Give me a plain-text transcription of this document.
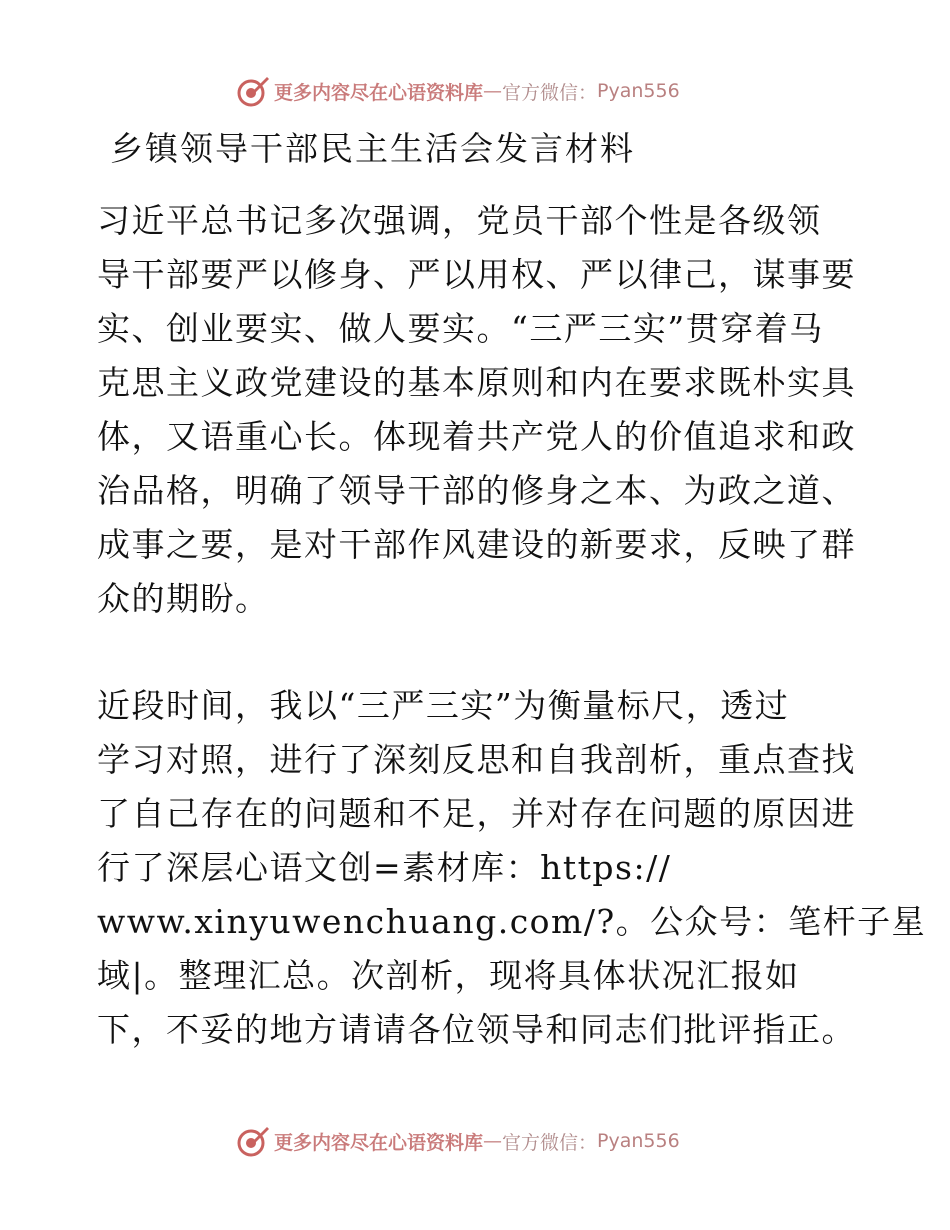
更多内容尽在心语资料库 — 官方微信： Pyan556
乡镇领导干部民主生活会发言材料
习近平总书记多次强调，党员干部个性是各级领
导干部要严以修身、严以用权、严以律己，谋事要
实、创业要实、做人要实。“三严三实”贯穿着马
克思主义政党建设的基本原则和内在要求既朴实具
体，又语重心长。体现着共产党人的价值追求和政
治品格，明确了领导干部的修身之本、为政之道、
成事之要，是对干部作风建设的新要求，反映了群
众的期盼。
近段时间，我以“三严三实”为衡量标尺，透过
学习对照，进行了深刻反思和自我剖析，重点查找
了自己存在的问题和不足，并对存在问题的原因进
行了深层心语文创=素材库：https://
www.xinyuwenchuang.com/?。公众号：笔杆子星
域|。整理汇总。次剖析，现将具体状况汇报如
下，不妥的地方请请各位领导和同志们批评指正。
更多内容尽在心语资料库 — 官方微信： Pyan556
